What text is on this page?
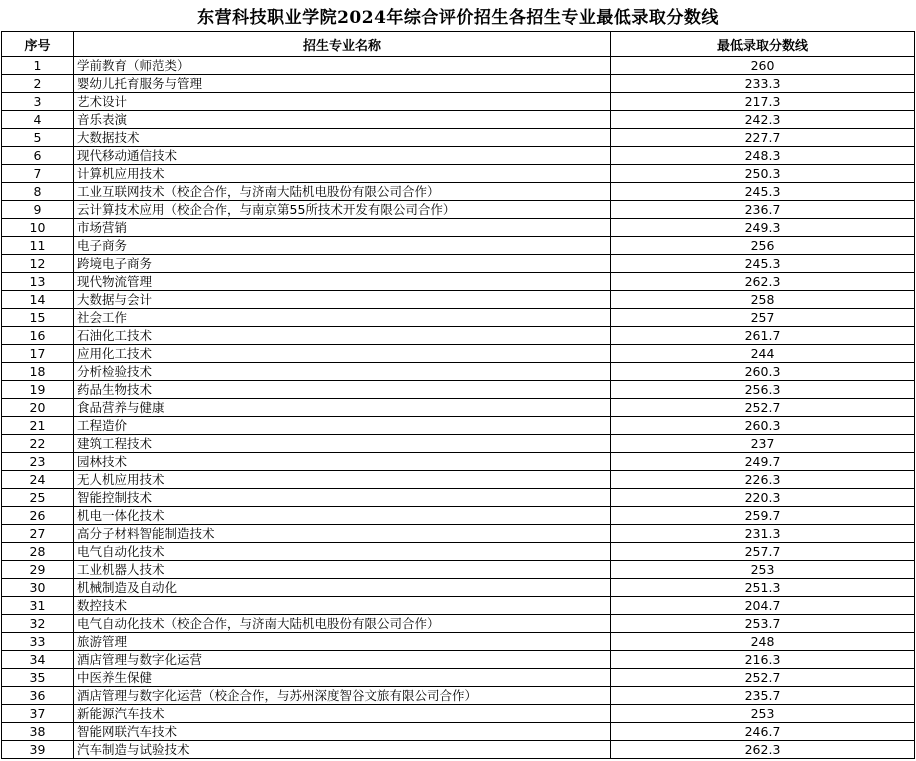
东营科技职业学院2024年综合评价招生各招生专业最低录取分数线		
序号	招生专业名称	最低录取分数线
1	学前教育（师范类）	260
2	婴幼儿托育服务与管理	233.3
3	艺术设计	217.3
4	音乐表演	242.3
5	大数据技术	227.7
6	现代移动通信技术	248.3
7	计算机应用技术	250.3
8	工业互联网技术（校企合作，与济南大陆机电股份有限公司合作）	245.3
9	云计算技术应用（校企合作，与南京第55所技术开发有限公司合作）	236.7
10	市场营销	249.3
11	电子商务	256
12	跨境电子商务	245.3
13	现代物流管理	262.3
14	大数据与会计	258
15	社会工作	257
16	石油化工技术	261.7
17	应用化工技术	244
18	分析检验技术	260.3
19	药品生物技术	256.3
20	食品营养与健康	252.7
21	工程造价	260.3
22	建筑工程技术	237
23	园林技术	249.7
24	无人机应用技术	226.3
25	智能控制技术	220.3
26	机电一体化技术	259.7
27	高分子材料智能制造技术	231.3
28	电气自动化技术	257.7
29	工业机器人技术	253
30	机械制造及自动化	251.3
31	数控技术	204.7
32	电气自动化技术（校企合作，与济南大陆机电股份有限公司合作）	253.7
33	旅游管理	248
34	酒店管理与数字化运营	216.3
35	中医养生保健	252.7
36	酒店管理与数字化运营（校企合作，与苏州深度智谷文旅有限公司合作）	235.7
37	新能源汽车技术	253
38	智能网联汽车技术	246.7
39	汽车制造与试验技术	262.3
